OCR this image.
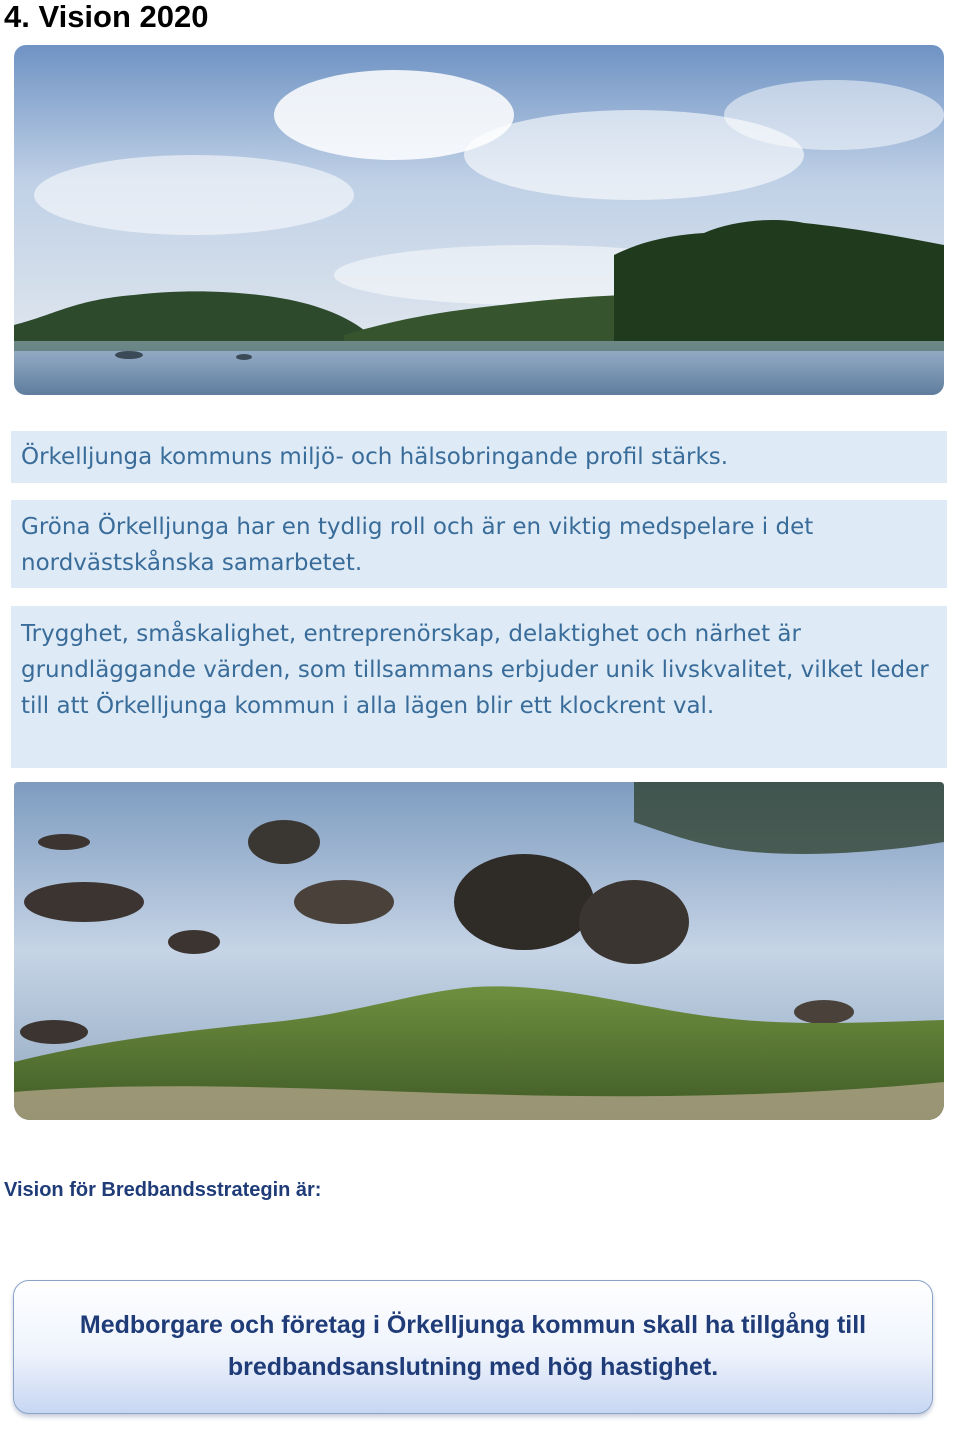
4. Vision 2020
Örkelljunga kommuns miljö- och hälsobringande profil stärks.
Gröna Örkelljunga har en tydlig roll och är en viktig medspelare i det nordvästskånska samarbetet.
Trygghet, småskalighet, entreprenörskap, delaktighet och närhet är grundläggande värden, som tillsammans erbjuder unik livskvalitet, vilket leder till att Örkelljunga kommun i alla lägen blir ett klockrent val.

Vision för Bredbandsstrategin är:

Medborgare och företag i Örkelljunga kommun skall ha tillgång till bredbandsanslutning med hög hastighet.
